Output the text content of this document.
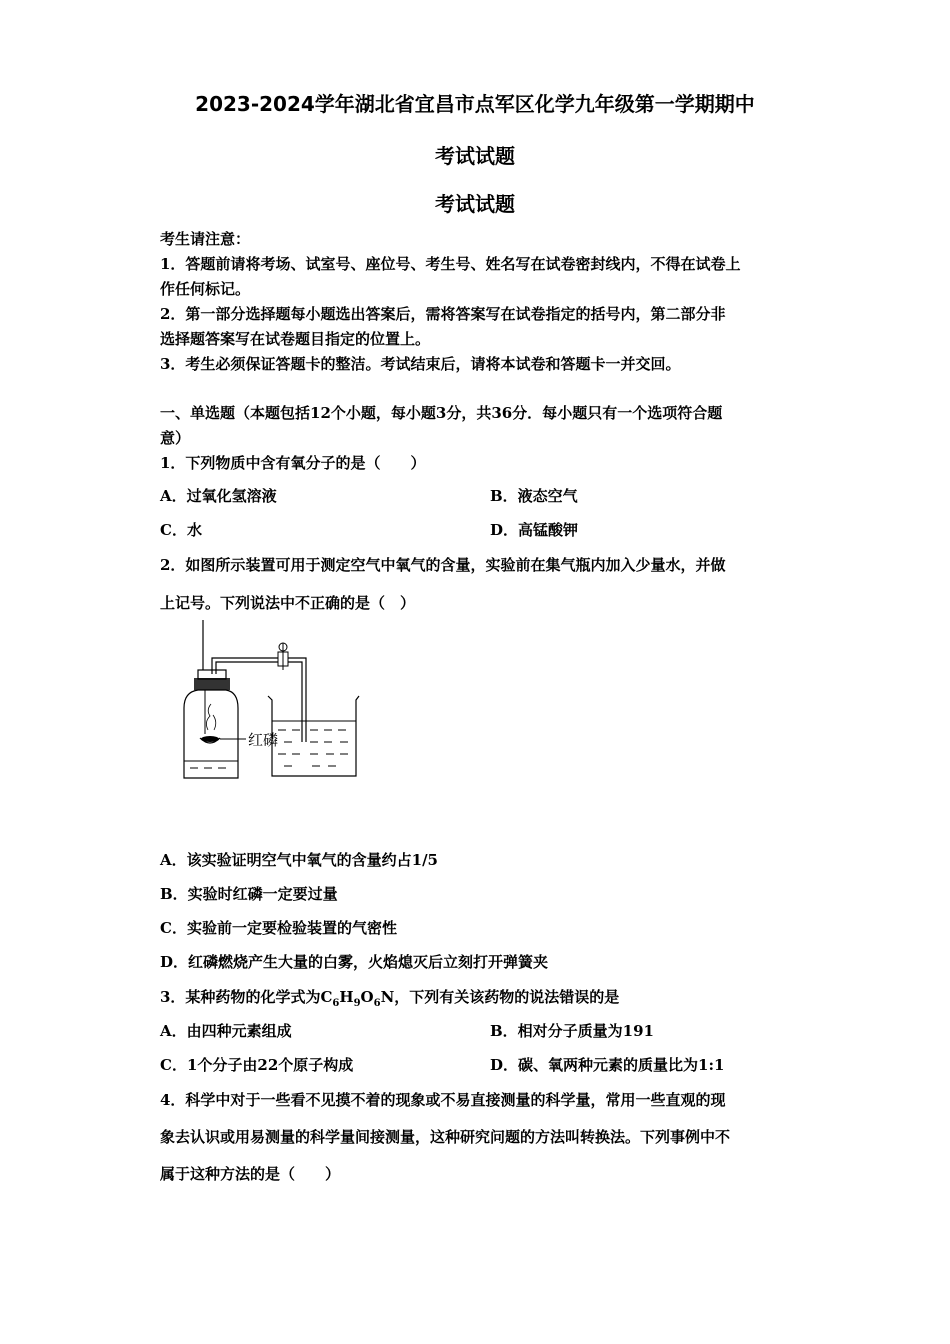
2023-2024学年湖北省宜昌市点军区化学九年级第一学期期中
考试试题
考试试题
考生请注意：
1．答题前请将考场、试室号、座位号、考生号、姓名写在试卷密封线内，不得在试卷上
作任何标记。
2．第一部分选择题每小题选出答案后，需将答案写在试卷指定的括号内，第二部分非
选择题答案写在试卷题目指定的位置上。
3．考生必须保证答题卡的整洁。考试结束后，请将本试卷和答题卡一并交回。
一、单选题（本题包括12个小题，每小题3分，共36分．每小题只有一个选项符合题
意）
1．下列物质中含有氧分子的是（　　）
A．过氧化氢溶液	B．液态空气
C．水	D．高锰酸钾
2．如图所示装置可用于测定空气中氧气的含量，实验前在集气瓶内加入少量水，并做
上记号。下列说法中不正确的是（　）
红磷
A．该实验证明空气中氧气的含量约占1/5
B．实验时红磷一定要过量
C．实验前一定要检验装置的气密性
D．红磷燃烧产生大量的白雾，火焰熄灭后立刻打开弹簧夹
3．某种药物的化学式为$C_6H_9O_6N$，下列有关该药物的说法错误的是
A．由四种元素组成	B．相对分子质量为191
C．1个分子由22个原子构成	D．碳、氧两种元素的质量比为1:1
4．科学中对于一些看不见摸不着的现象或不易直接测量的科学量，常用一些直观的现
象去认识或用易测量的科学量间接测量，这种研究问题的方法叫转换法。下列事例中不
属于这种方法的是（　　）
